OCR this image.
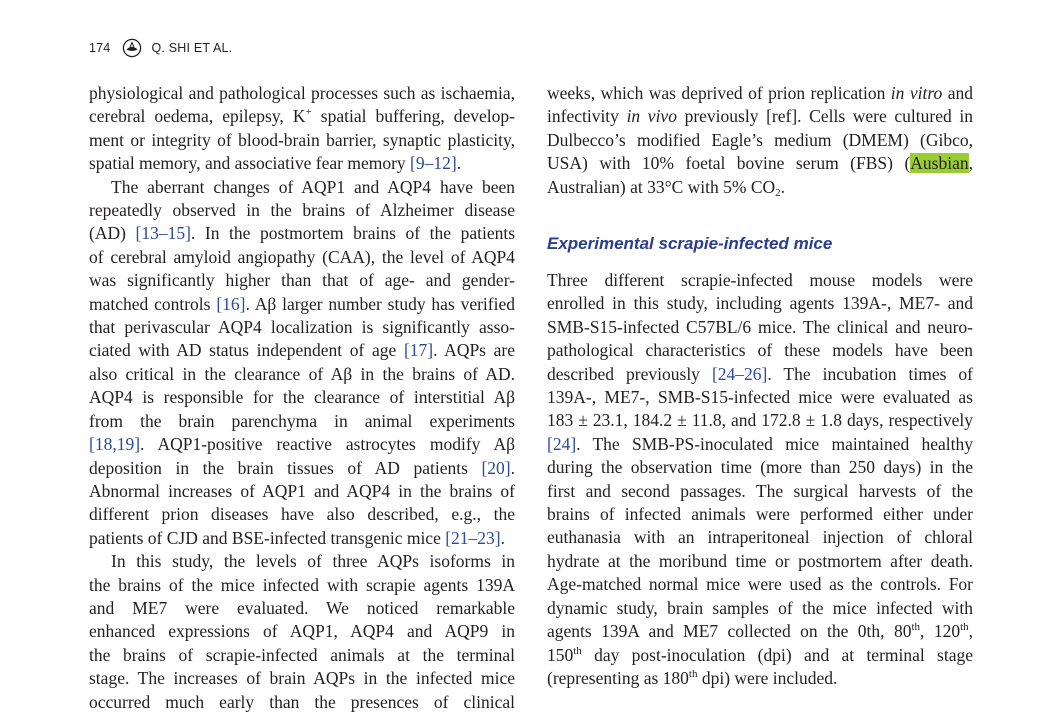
174	Q. SHI ET AL.
physiological and pathological processes such as ischaemia,
cerebral oedema, epilepsy, K+ spatial buffering, develop-
ment or integrity of blood-brain barrier, synaptic plasticity,
spatial memory, and associative fear memory [9–12].
The aberrant changes of AQP1 and AQP4 have been
repeatedly observed in the brains of Alzheimer disease
(AD) [13–15]. In the postmortem brains of the patients
of cerebral amyloid angiopathy (CAA), the level of AQP4
was significantly higher than that of age- and gender-
matched controls [16]. Aβ larger number study has verified
that perivascular AQP4 localization is significantly asso-
ciated with AD status independent of age [17]. AQPs are
also critical in the clearance of Aβ in the brains of AD.
AQP4 is responsible for the clearance of interstitial Aβ
from the brain parenchyma in animal experiments
[18,19]. AQP1-positive reactive astrocytes modify Aβ
deposition in the brain tissues of AD patients [20].
Abnormal increases of AQP1 and AQP4 in the brains of
different prion diseases have also described, e.g., the
patients of CJD and BSE-infected transgenic mice [21–23].
In this study, the levels of three AQPs isoforms in
the brains of the mice infected with scrapie agents 139A
and ME7 were evaluated. We noticed remarkable
enhanced expressions of AQP1, AQP4 and AQP9 in
the brains of scrapie-infected animals at the terminal
stage. The increases of brain AQPs in the infected mice
occurred much early than the presences of clinical
weeks, which was deprived of prion replication in vitro and
infectivity in vivo previously [ref]. Cells were cultured in
Dulbecco’s modified Eagle’s medium (DMEM) (Gibco,
USA) with 10% foetal bovine serum (FBS) (Ausbian,
Australian) at 33°C with 5% $CO_2$.
Experimental scrapie-infected mice
Three different scrapie-infected mouse models were
enrolled in this study, including agents 139A-, ME7- and
SMB-S15-infected C57BL/6 mice. The clinical and neuro-
pathological characteristics of these models have been
described previously [24–26]. The incubation times of
139A-, ME7-, SMB-S15-infected mice were evaluated as
183 ± 23.1, 184.2 ± 11.8, and 172.8 ± 1.8 days, respectively
[24]. The SMB-PS-inoculated mice maintained healthy
during the observation time (more than 250 days) in the
first and second passages. The surgical harvests of the
brains of infected animals were performed either under
euthanasia with an intraperitoneal injection of chloral
hydrate at the moribund time or postmortem after death.
Age-matched normal mice were used as the controls. For
dynamic study, brain samples of the mice infected with
agents 139A and ME7 collected on the 0th, 80th, 120th,
150th day post-inoculation (dpi) and at terminal stage
(representing as 180th dpi) were included.
